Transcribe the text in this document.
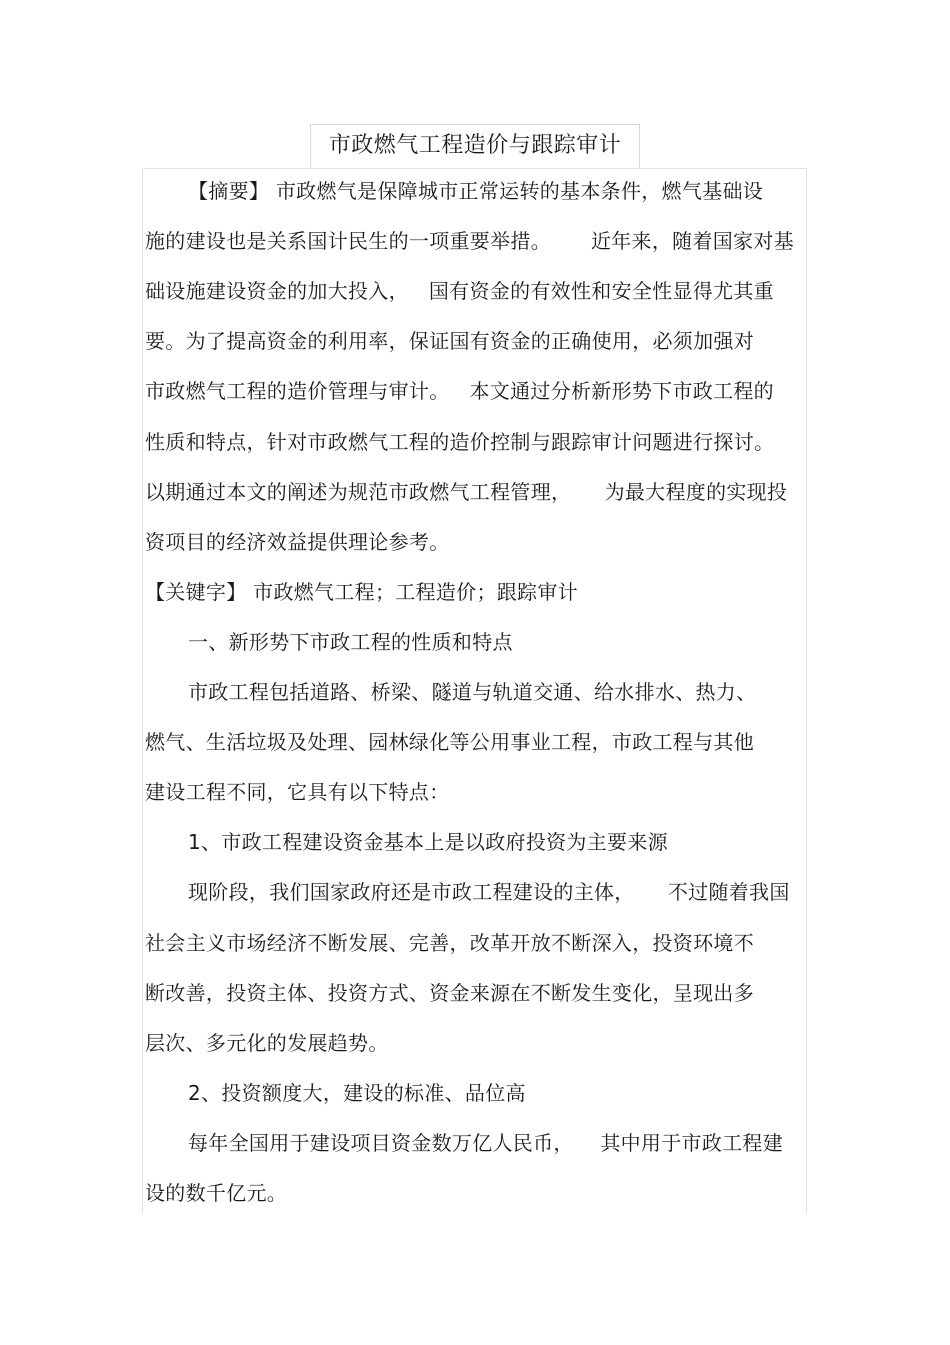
市政燃气工程造价与跟踪审计
【摘要】 市政燃气是保障城市正常运转的基本条件，燃气基础设
施的建设也是关系国计民生的一项重要举措。      近年来，随着国家对基
础设施建设资金的加大投入，   国有资金的有效性和安全性显得尤其重
要。为了提高资金的利用率，保证国有资金的正确使用，必须加强对
市政燃气工程的造价管理与审计。   本文通过分析新形势下市政工程的
性质和特点，针对市政燃气工程的造价控制与跟踪审计问题进行探讨。
以期通过本文的阐述为规范市政燃气工程管理，     为最大程度的实现投
资项目的经济效益提供理论参考。
【关键字】 市政燃气工程；工程造价；跟踪审计
一、新形势下市政工程的性质和特点
市政工程包括道路、桥梁、隧道与轨道交通、给水排水、热力、
燃气、生活垃圾及处理、园林绿化等公用事业工程，市政工程与其他
建设工程不同，它具有以下特点：
1、市政工程建设资金基本上是以政府投资为主要来源
现阶段，我们国家政府还是市政工程建设的主体，     不过随着我国
社会主义市场经济不断发展、完善，改革开放不断深入，投资环境不
断改善，投资主体、投资方式、资金来源在不断发生变化，呈现出多
层次、多元化的发展趋势。
2、投资额度大，建设的标准、品位高
每年全国用于建设项目资金数万亿人民币，    其中用于市政工程建
设的数千亿元。
